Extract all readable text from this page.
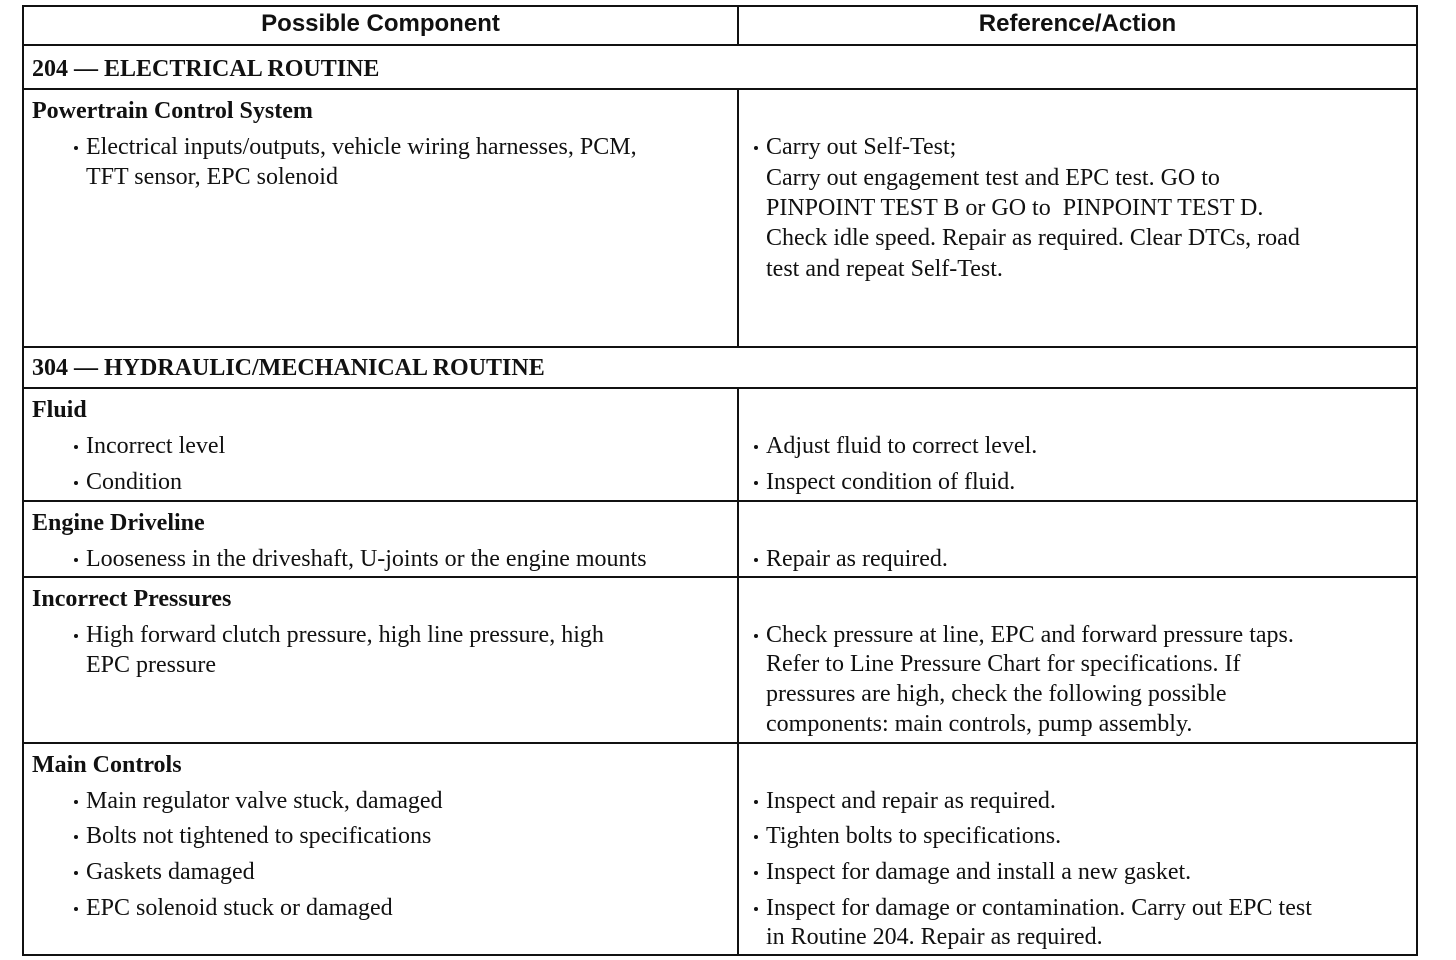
Possible Component	Reference/Action
204 — ELECTRICAL ROUTINE
Powertrain Control System
Electrical inputs/outputs, vehicle wiring harnesses, PCM,
TFT sensor, EPC solenoid
Carry out Self-Test;
Carry out engagement test and EPC test. GO to
PINPOINT TEST B or GO to  PINPOINT TEST D.
Check idle speed. Repair as required. Clear DTCs, road
test and repeat Self-Test.
304 — HYDRAULIC/MECHANICAL ROUTINE
Fluid
Incorrect level
Condition
Adjust fluid to correct level.
Inspect condition of fluid.
Engine Driveline
Looseness in the driveshaft, U-joints or the engine mounts	Repair as required.
Incorrect Pressures
High forward clutch pressure, high line pressure, high
EPC pressure
Check pressure at line, EPC and forward pressure taps.
Refer to Line Pressure Chart for specifications. If
pressures are high, check the following possible
components: main controls, pump assembly.
Main Controls
Main regulator valve stuck, damaged
Bolts not tightened to specifications
Gaskets damaged
EPC solenoid stuck or damaged
Inspect and repair as required.
Tighten bolts to specifications.
Inspect for damage and install a new gasket.
Inspect for damage or contamination. Carry out EPC test
in Routine 204. Repair as required.
